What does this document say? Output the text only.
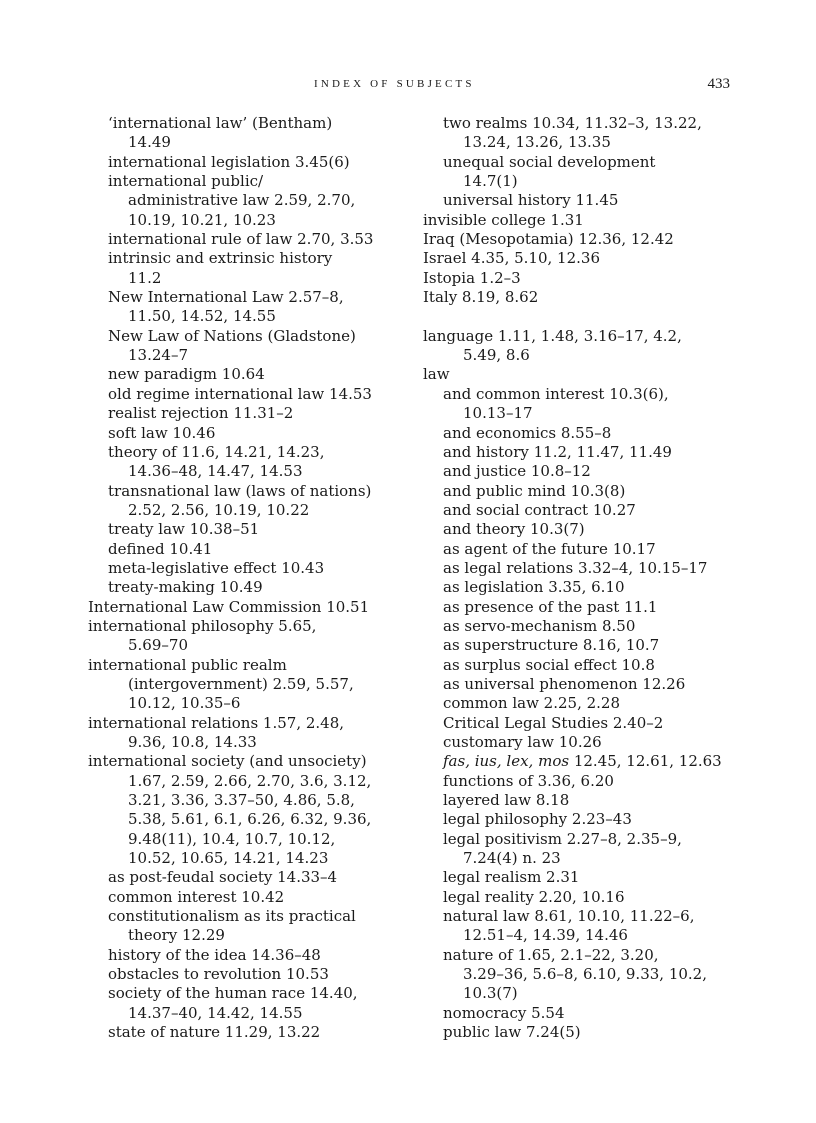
INDEX OF SUBJECTS	433
‘international law’ (Bentham)
14.49
international legislation 3.45(6)
international public/
administrative law 2.59, 2.70,
10.19, 10.21, 10.23
international rule of law 2.70, 3.53
intrinsic and extrinsic history
11.2
New International Law 2.57–8,
11.50, 14.52, 14.55
New Law of Nations (Gladstone)
13.24–7
new paradigm 10.64
old regime international law 14.53
realist rejection 11.31–2
soft law 10.46
theory of 11.6, 14.21, 14.23,
14.36–48, 14.47, 14.53
transnational law (laws of nations)
2.52, 2.56, 10.19, 10.22
treaty law 10.38–51
defined 10.41
meta-legislative effect 10.43
treaty-making 10.49
International Law Commission 10.51
international philosophy 5.65,
5.69–70
international public realm
(intergovernment) 2.59, 5.57,
10.12, 10.35–6
international relations 1.57, 2.48,
9.36, 10.8, 14.33
international society (and unsociety)
1.67, 2.59, 2.66, 2.70, 3.6, 3.12,
3.21, 3.36, 3.37–50, 4.86, 5.8,
5.38, 5.61, 6.1, 6.26, 6.32, 9.36,
9.48(11), 10.4, 10.7, 10.12,
10.52, 10.65, 14.21, 14.23
as post-feudal society 14.33–4
common interest 10.42
constitutionalism as its practical
theory 12.29
history of the idea 14.36–48
obstacles to revolution 10.53
society of the human race 14.40,
14.37–40, 14.42, 14.55
state of nature 11.29, 13.22
two realms 10.34, 11.32–3, 13.22,
13.24, 13.26, 13.35
unequal social development
14.7(1)
universal history 11.45
invisible college 1.31
Iraq (Mesopotamia) 12.36, 12.42
Israel 4.35, 5.10, 12.36
Istopia 1.2–3
Italy 8.19, 8.62
language 1.11, 1.48, 3.16–17, 4.2,
5.49, 8.6
law
and common interest 10.3(6),
10.13–17
and economics 8.55–8
and history 11.2, 11.47, 11.49
and justice 10.8–12
and public mind 10.3(8)
and social contract 10.27
and theory 10.3(7)
as agent of the future 10.17
as legal relations 3.32–4, 10.15–17
as legislation 3.35, 6.10
as presence of the past 11.1
as servo-mechanism 8.50
as superstructure 8.16, 10.7
as surplus social effect 10.8
as universal phenomenon 12.26
common law 2.25, 2.28
Critical Legal Studies 2.40–2
customary law 10.26
fas, ius, lex, mos 12.45, 12.61, 12.63
functions of 3.36, 6.20
layered law 8.18
legal philosophy 2.23–43
legal positivism 2.27–8, 2.35–9,
7.24(4) n. 23
legal realism 2.31
legal reality 2.20, 10.16
natural law 8.61, 10.10, 11.22–6,
12.51–4, 14.39, 14.46
nature of 1.65, 2.1–22, 3.20,
3.29–36, 5.6–8, 6.10, 9.33, 10.2,
10.3(7)
nomocracy 5.54
public law 7.24(5)
